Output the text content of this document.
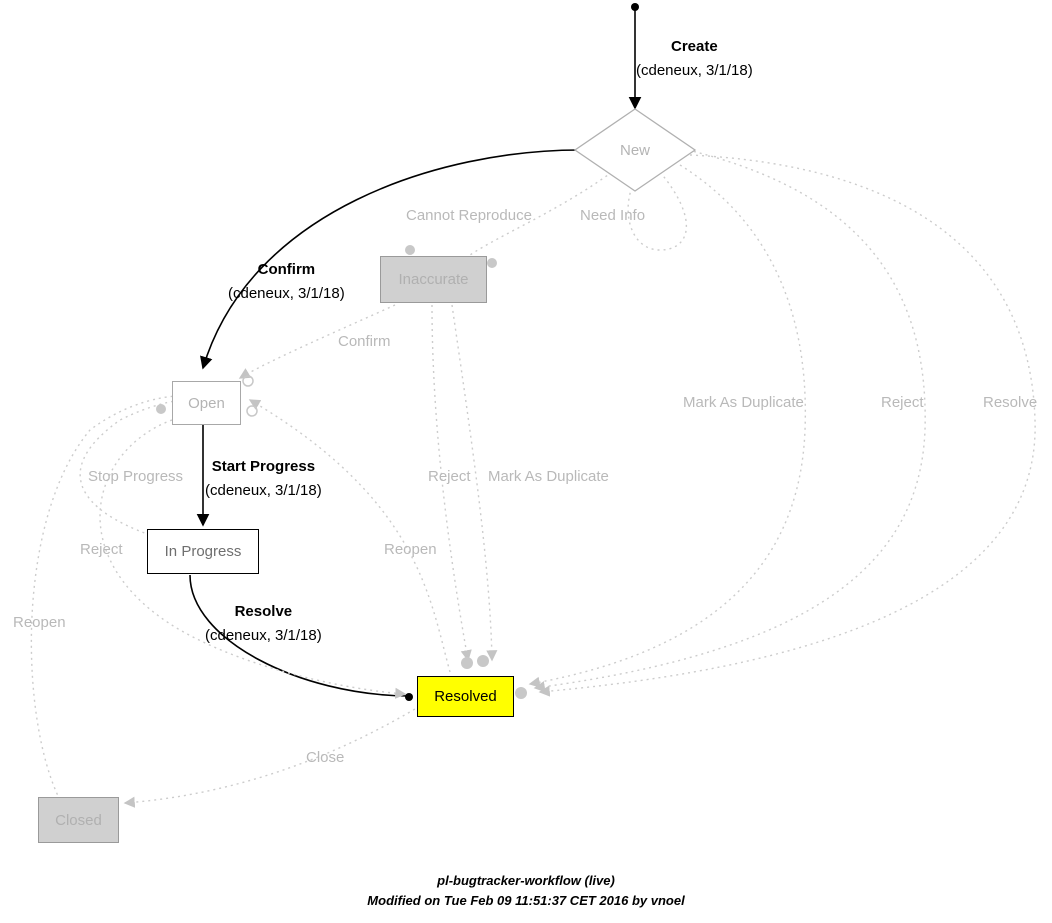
New
Inaccurate
Open
In Progress
Resolved
Closed
Create
(cdeneux, 3/1/18)
Confirm
(cdeneux, 3/1/18)
Start Progress
(cdeneux, 3/1/18)
Resolve
(cdeneux, 3/1/18)
Cannot Reproduce	Need Info
Confirm
Mark As Duplicate	Reject	Resolve
Stop Progress	Reject Mark As Duplicate
Reject	Reopen
Reopen
Close
pl-bugtracker-workflow (live)
Modified on Tue Feb 09 11:51:37 CET 2016 by vnoel
